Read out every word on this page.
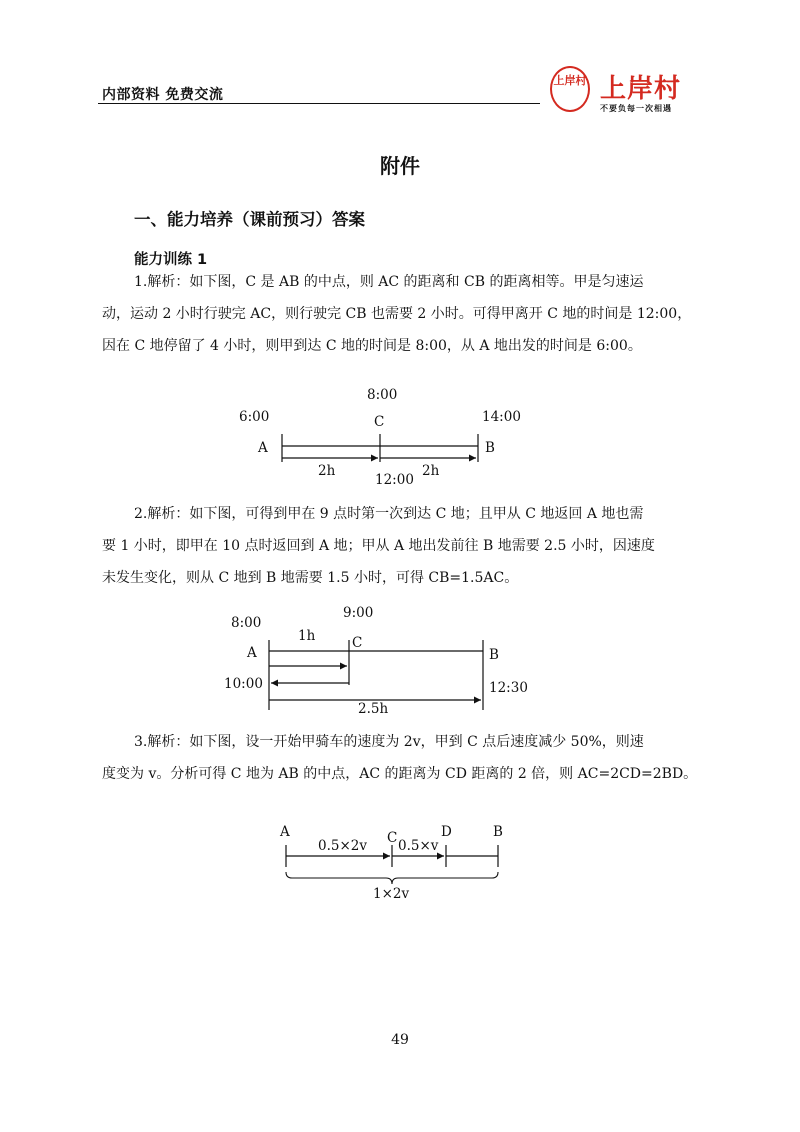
内部资料 免费交流
上岸村 上岸村
不要负每一次相遇
附件
一、能力培养（课前预习）答案
能力训练 1
1.解析：如下图，C 是 AB 的中点，则 AC 的距离和 CB 的距离相等。甲是匀速运
动，运动 2 小时行驶完 AC，则行驶完 CB 也需要 2 小时。可得甲离开 C 地的时间是 12:00，
因在 C 地停留了 4 小时，则甲到达 C 地的时间是 8:00，从 A 地出发的时间是 6:00。
8:00
6:00	C	14:00
A	B
2h	2h
12:00
9:00
8:00
1h	C
A	B
10:00	12:30
2.5h
A	C	D	B
0.5×2v 0.5×v
1×2v
2.解析：如下图，可得到甲在 9 点时第一次到达 C 地；且甲从 C 地返回 A 地也需
要 1 小时，即甲在 10 点时返回到 A 地；甲从 A 地出发前往 B 地需要 2.5 小时，因速度
未发生变化，则从 C 地到 B 地需要 1.5 小时，可得 CB=1.5AC。
3.解析：如下图，设一开始甲骑车的速度为 2v，甲到 C 点后速度减少 50%，则速
度变为 v。分析可得 C 地为 AB 的中点，AC 的距离为 CD 距离的 2 倍，则 AC=2CD=2BD。
49
